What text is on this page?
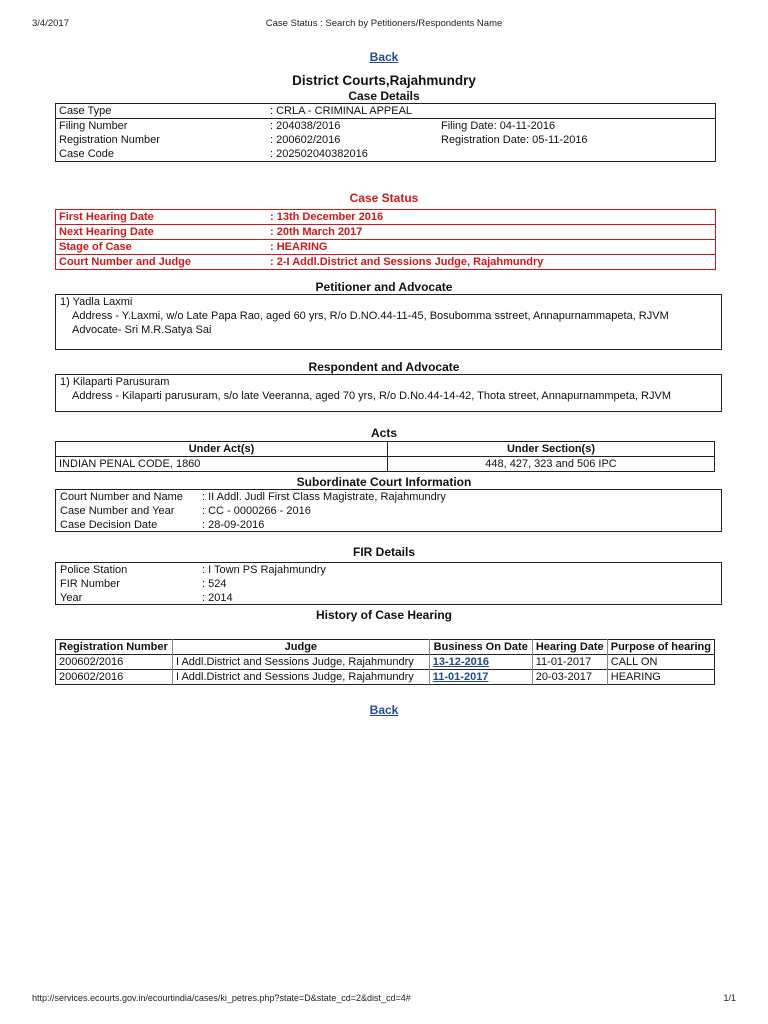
3/4/2017	Case Status : Search by Petitioners/Respondents Name
Back
District Courts,Rajahmundry
Case Details
Case Type	: CRLA - CRIMINAL APPEAL	
Filing Number	: 204038/2016	Filing Date: 04-11-2016
Registration Number	: 200602/2016	Registration Date: 05-11-2016
Case Code	: 202502040382016	
Case Status
First Hearing Date	: 13th December 2016
Next Hearing Date	: 20th March 2017
Stage of Case	: HEARING
Court Number and Judge	: 2-I Addl.District and Sessions Judge, Rajahmundry
Petitioner and Advocate
1) Yadla Laxmi
Address - Y.Laxmi, w/o Late Papa Rao, aged 60 yrs, R/o D.NO.44-11-45, Bosubomma sstreet, Annapurnammapeta, RJVM
Advocate- Sri M.R.Satya Sai
Respondent and Advocate
1) Kilaparti Parusuram
Address - Kilaparti parusuram, s/o late Veeranna, aged 70 yrs, R/o D.No.44-14-42, Thota street, Annapurnammpeta, RJVM
Acts
Under Act(s)	Under Section(s)
INDIAN PENAL CODE, 1860	448, 427, 323 and 506 IPC
Subordinate Court Information
Court Number and Name : II Addl. Judl First Class Magistrate, Rajahmundry
Case Number and Year	: CC - 0000266 - 2016
Case Decision Date	: 28-09-2016
FIR Details
Police Station	: I Town PS Rajahmundry
FIR Number	: 524
Year	: 2014
History of Case Hearing
Registration Number	Judge	Business On Date	Hearing Date	Purpose of hearing
200602/2016	I Addl.District and Sessions Judge, Rajahmundry	13-12-2016	11-01-2017	CALL ON
200602/2016	I Addl.District and Sessions Judge, Rajahmundry	11-01-2017	20-03-2017	HEARING
Back
http://services.ecourts.gov.in/ecourtindia/cases/ki_petres.php?state=D&state_cd=2&dist_cd=4#	1/1
